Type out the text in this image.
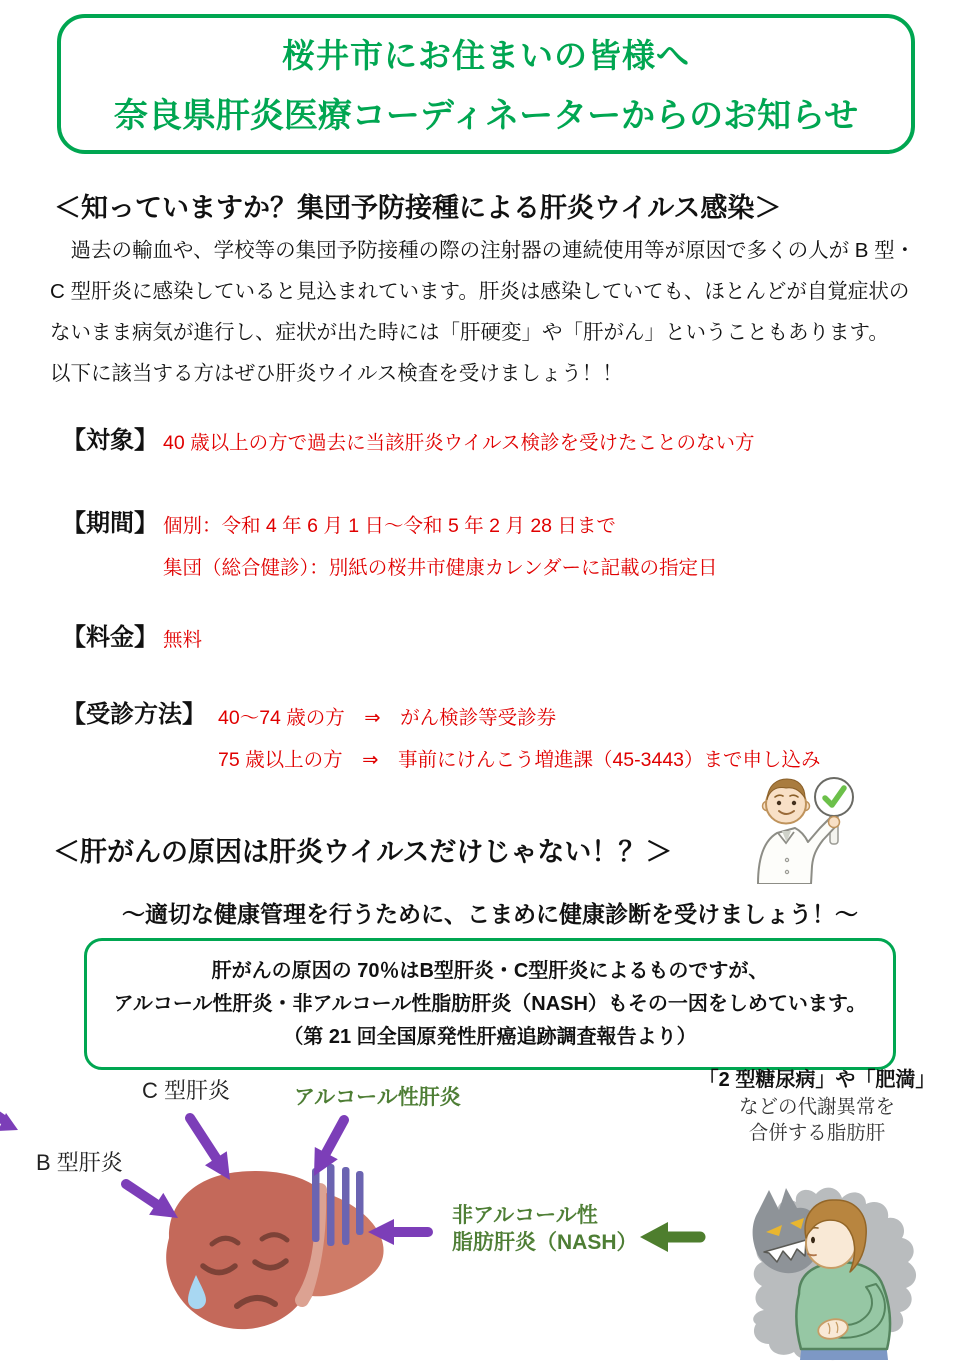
桜井市にお住まいの皆様へ
奈良県肝炎医療コーディネーターからのお知らせ
＜知っていますか？集団予防接種による肝炎ウイルス感染＞
　過去の輸血や、学校等の集団予防接種の際の注射器の連続使用等が原因で多くの人が B 型・
C 型肝炎に感染していると見込まれています。肝炎は感染していても、ほとんどが自覚症状の
ないまま病気が進行し、症状が出た時には「肝硬変」や「肝がん」ということもあります。
以下に該当する方はぜひ肝炎ウイルス検査を受けましょう！！
【対象】 40 歳以上の方で過去に当該肝炎ウイルス検診を受けたことのない方
【期間】 個別：令和 4 年 6 月 1 日～令和 5 年 2 月 28 日まで
集団（総合健診）：別紙の桜井市健康カレンダーに記載の指定日
【料金】 無料
【受診方法】 40～74 歳の方　⇒　がん検診等受診券
75 歳以上の方　⇒　事前にけんこう増進課（45-3443）まで申し込み
＜肝がんの原因は肝炎ウイルスだけじゃない！？＞
～適切な健康管理を行うために、こまめに健康診断を受けましょう！～
肝がんの原因の 70％はB型肝炎・C型肝炎によるものですが、
アルコール性肝炎・非アルコール性脂肪肝炎（NASH）もその一因をしめています。
（第 21 回全国原発性肝癌追跡調査報告より）
C 型肝炎	アルコール性肝炎
B 型肝炎
非アルコール性
脂肪肝炎（NASH）
「2 型糖尿病」や「肥満」
などの代謝異常を
合併する脂肪肝
